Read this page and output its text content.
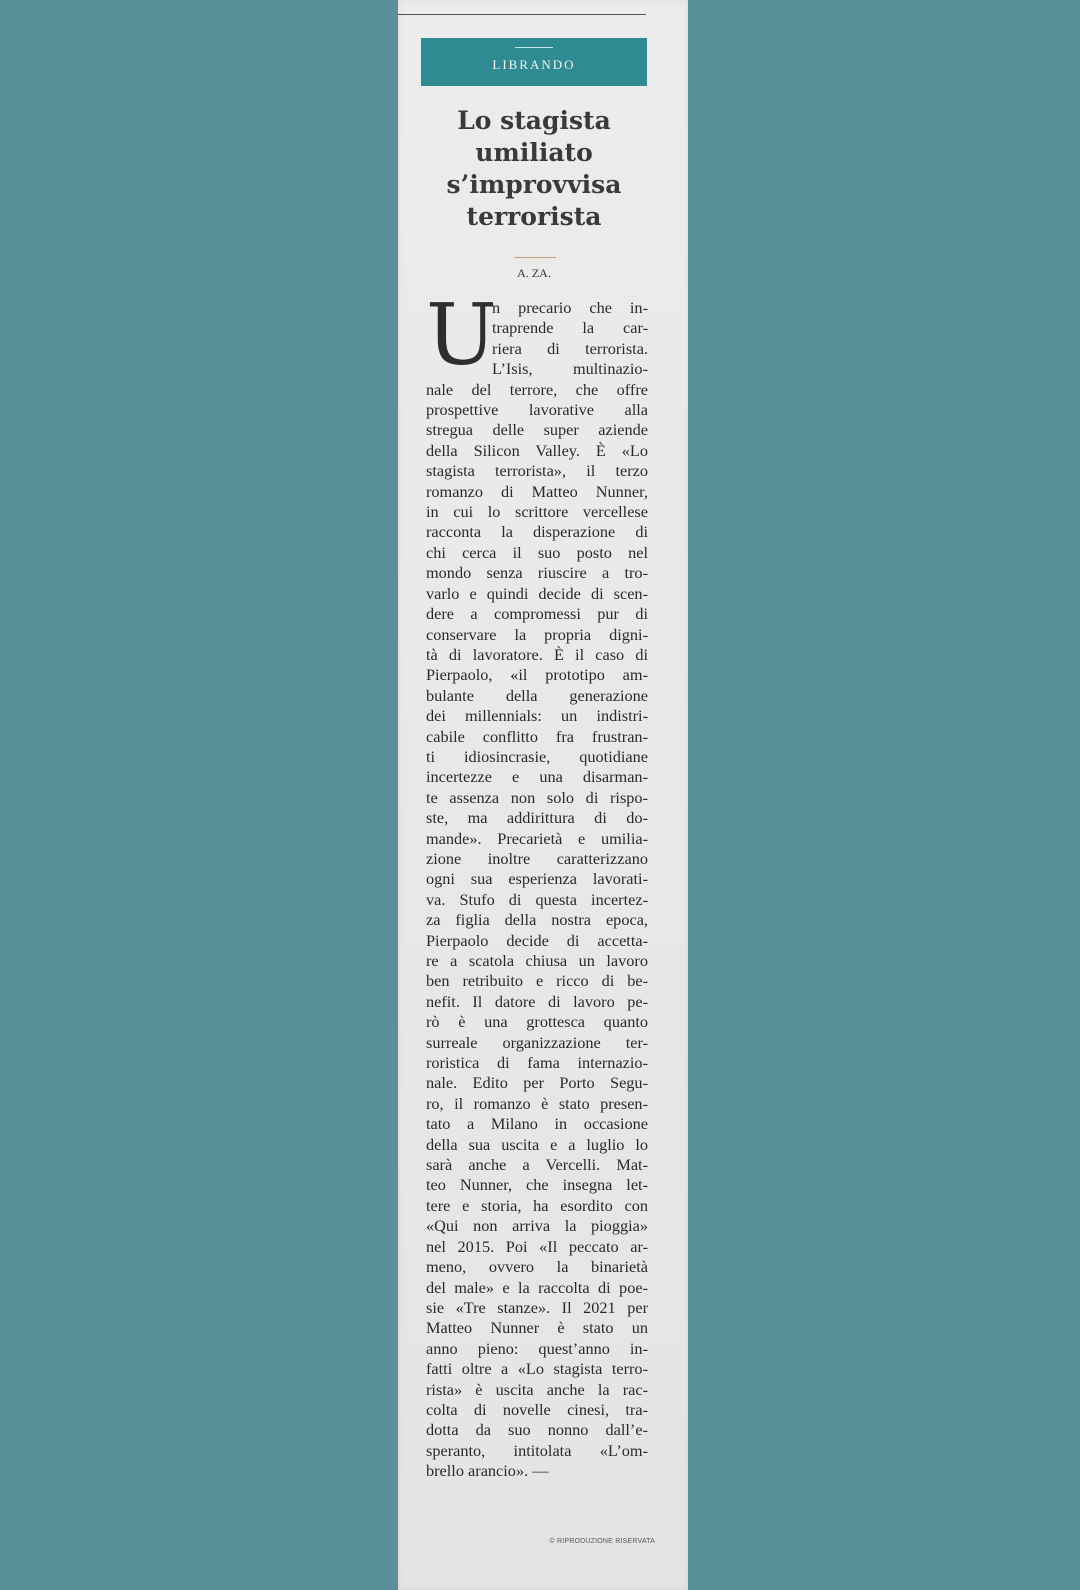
LIBRANDO
Lo stagista umiliato s’improvvisa terrorista
A. ZA.
U
n precario che in-
traprende la car-
riera di terrorista.
L’Isis, multinazio-
nale del terrore, che offre
prospettive lavorative alla
stregua delle super aziende
della Silicon Valley. È «Lo
stagista terrorista», il terzo
romanzo di Matteo Nunner,
in cui lo scrittore vercellese
racconta la disperazione di
chi cerca il suo posto nel
mondo senza riuscire a tro-
varlo e quindi decide di scen-
dere a compromessi pur di
conservare la propria digni-
tà di lavoratore. È il caso di
Pierpaolo, «il prototipo am-
bulante della generazione
dei millennials: un indistri-
cabile conflitto fra frustran-
ti idiosincrasie, quotidiane
incertezze e una disarman-
te assenza non solo di rispo-
ste, ma addirittura di do-
mande». Precarietà e umilia-
zione inoltre caratterizzano
ogni sua esperienza lavorati-
va. Stufo di questa incertez-
za figlia della nostra epoca,
Pierpaolo decide di accetta-
re a scatola chiusa un lavoro
ben retribuito e ricco di be-
nefit. Il datore di lavoro pe-
rò è una grottesca quanto
surreale organizzazione ter-
roristica di fama internazio-
nale. Edito per Porto Segu-
ro, il romanzo è stato presen-
tato a Milano in occasione
della sua uscita e a luglio lo
sarà anche a Vercelli. Mat-
teo Nunner, che insegna let-
tere e storia, ha esordito con
«Qui non arriva la pioggia»
nel 2015. Poi «Il peccato ar-
meno, ovvero la binarietà
del male» e la raccolta di poe-
sie «Tre stanze». Il 2021 per
Matteo Nunner è stato un
anno pieno: quest’anno in-
fatti oltre a «Lo stagista terro-
rista» è uscita anche la rac-
colta di novelle cinesi, tra-
dotta da suo nonno dall’e-
speranto, intitolata «L’om-
brello arancio». —
© RIPRODUZIONE RISERVATA
